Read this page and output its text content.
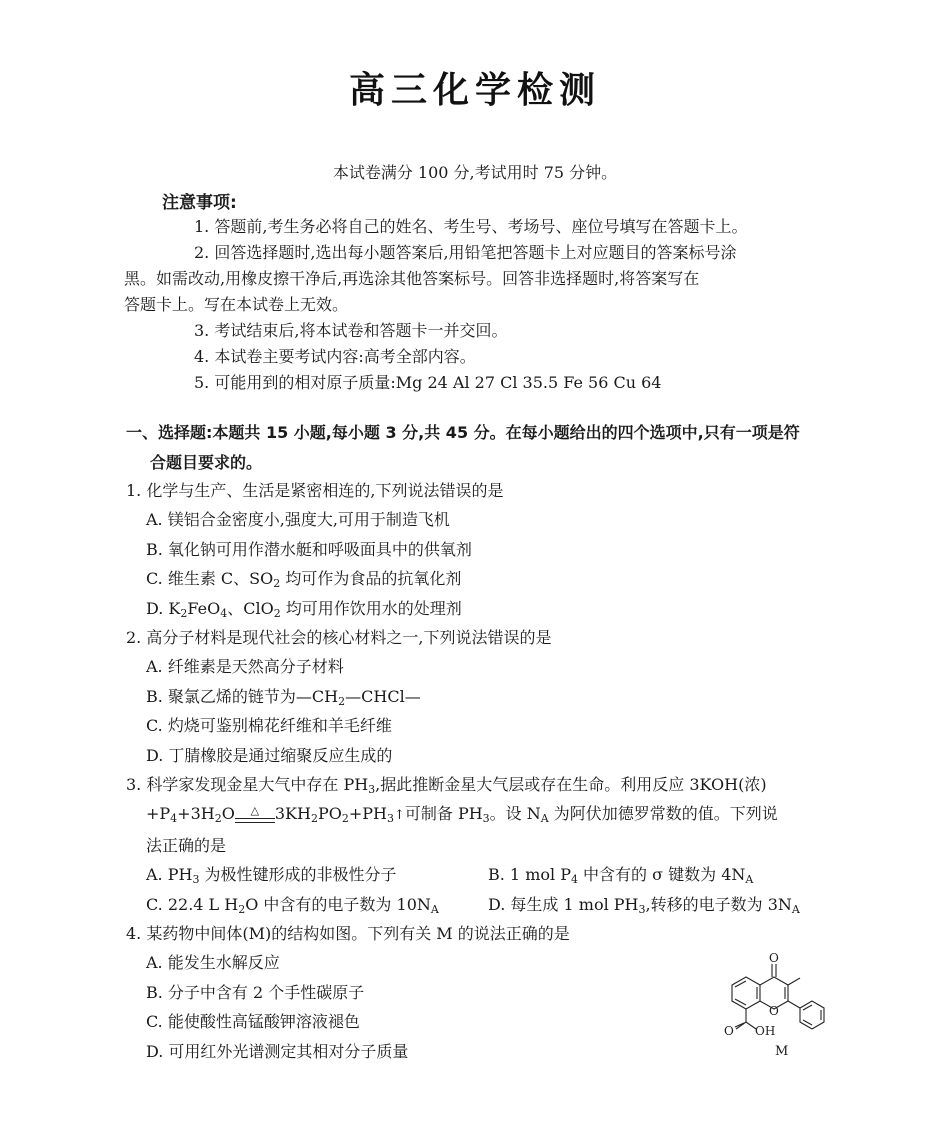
高三化学检测
本试卷满分 100 分,考试用时 75 分钟。
注意事项:

1. 答题前,考生务必将自己的姓名、考生号、考场号、座位号填写在答题卡上。

2. 回答选择题时,选出每小题答案后,用铅笔把答题卡上对应题目的答案标号涂

黑。如需改动,用橡皮擦干净后,再选涂其他答案标号。回答非选择题时,将答案写在

答题卡上。写在本试卷上无效。

3. 考试结束后,将本试卷和答题卡一并交回。

4. 本试卷主要考试内容:高考全部内容。

5. 可能用到的相对原子质量:Mg 24 Al 27 Cl 35.5 Fe 56 Cu 64

一、选择题:本题共 15 小题,每小题 3 分,共 45 分。在每小题给出的四个选项中,只有一项是符
合题目要求的。
1. 化学与生产、生活是紧密相连的,下列说法错误的是
A. 镁铝合金密度小,强度大,可用于制造飞机
B. 氧化钠可用作潜水艇和呼吸面具中的供氧剂
C. 维生素 C、$SO_2$ 均可作为食品的抗氧化剂
D. $K_2FeO_4$、ClO$_2$ 均可用作饮用水的处理剂
2. 高分子材料是现代社会的核心材料之一,下列说法错误的是
A. 纤维素是天然高分子材料
B. 聚氯乙烯的链节为$—CH_2—CHCl—$
C. 灼烧可鉴别棉花纤维和羊毛纤维
D. 丁腈橡胶是通过缩聚反应生成的
3. 科学家发现金星大气中存在 $PH_3$,据此推断金星大气层或存在生命。利用反应 3KOH(浓)
$+P_4+3H_2O$	△ $3KH_2PO_2+PH_3↑$可制备 $PH_3$。设 $N_A$ 为阿伏加德罗常数的值。下列说
法正确的是
A. $PH_3$ 为极性键形成的非极性分子	B. 1 mol $P_4$ 中含有的 σ 键数为 $4N_A$
C. 22.4 L $H_2O$ 中含有的电子数为 $10N_A$	D. 每生成 1 mol $PH_3$,转移的电子数为 $3N_A$
4. 某药物中间体(M)的结构如图。下列有关 M 的说法正确的是
A. 能发生水解反应
B. 分子中含有 2 个手性碳原子
C. 能使酸性高锰酸钾溶液褪色
D. 可用红外光谱测定其相对分子质量
O
O
O OH
M
